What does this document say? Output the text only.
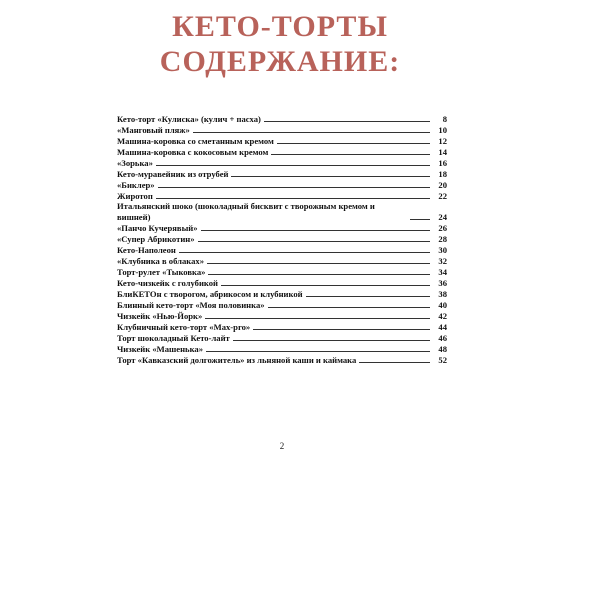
КЕТО-ТОРТЫ
СОДЕРЖАНИЕ:
Кето-торт «Кулиска» (кулич + пасха)	8
«Манговый пляж»	10
Машина-коровка со сметанным кремом	12
Машина-коровка с кокосовым кремом	14
«Зорька»	16
Кето-муравейник из отрубей	18
«Биклер»	20
Жиротоп	22
Итальянский шоко (шоколадный бисквит с творожным кремом и вишней)	24
«Панчо Кучерявый»	26
«Супер Абрикотин»	28
Кето-Наполеон	30
«Клубника в облаках»	32
Торт-рулет «Тыковка»	34
Кето-чизкейк с голубикой	36
БлиКЕТОн с творогом, абрикосом и клубникой	38
Блинный кето-торт «Моя половинка»	40
Чизкейк «Нью-Йорк»	42
Клубничный кето-торт «Max-pro»	44
Торт шоколадный Кето-лайт	46
Чизкейк «Машенька»	48
Торт «Кавказский долгожитель» из льняной каши и каймака	52
2
